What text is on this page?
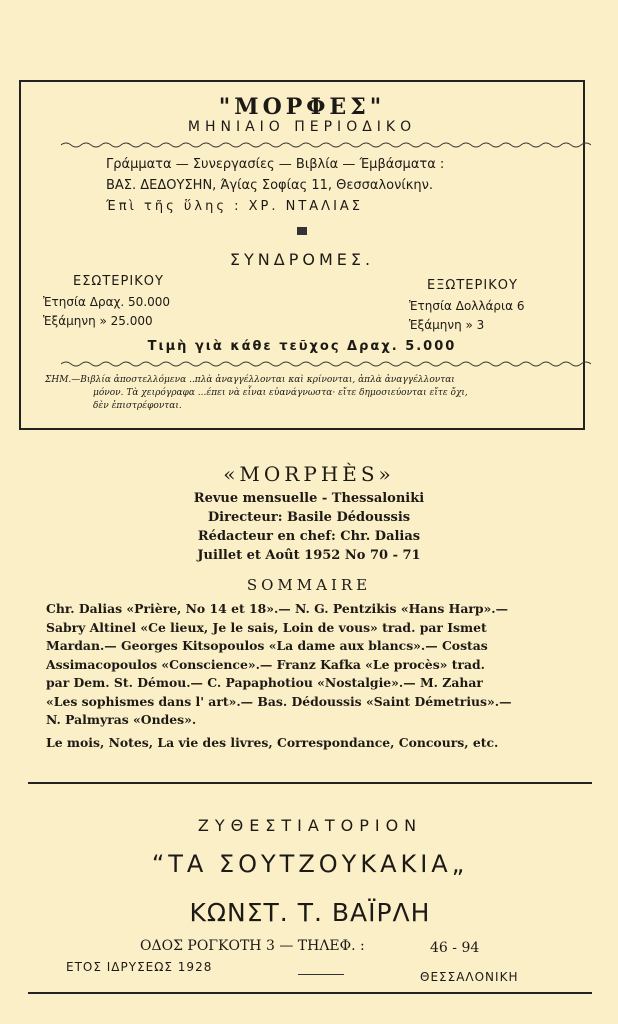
"ΜΟΡΦΕΣ"
ΜΗΝΙΑΙΟ ΠΕΡΙΟΔΙΚΟ
Γράμματα — Συνεργασίες — Βιβλία — Έμβάσματα :
ΒΑΣ. ΔΕΔΟΥΣΗΝ, Άγίας Σοφίας 11, Θεσσαλονίκην.
Έπὶ τῆς ὕλης : ΧΡ. ΝΤΑΛΙΑΣ
ΣΥΝΔΡΟΜΕΣ.
ΕΣΩΤΕΡΙΚΟΥ
Ἐτησία Δραχ. 50.000
Ἑξάμηνη » 25.000
ΕΞΩΤΕΡΙΚΟΥ
Ἐτησία Δολλάρια 6
Ἑξάμηνη » 3
Τιμὴ γιὰ κάθε τεῦχος Δραχ. 5.000
ΣΗΜ.—Βιβλία ἀποστελλόμενα ..πλὰ ἀναγγέλλονται καὶ κρίνονται, ἁπλὰ ἀναγγέλλονται
μόνον. Τὰ χειρόγραφα ...έπει νὰ εἶναι εὐανάγνωστα· εἴτε δημοσιεύονται εἴτε ὄχι,
δὲν ἐπιστρέφονται.
«MORPHÈS»
Revue mensuelle - Thessaloniki
Directeur: Basile Dédoussis
Rédacteur en chef: Chr. Dalias
Juillet et Août 1952 No 70 - 71
SOMMAIRE
Chr. Dalias «Prière, No 14 et 18».— N. G. Pentzikis «Hans Harp».—
Sabry Altinel «Ce lieux, Je le sais, Loin de vous» trad. par Ismet
Mardan.— Georges Kitsopoulos «La dame aux blancs».— Costas
Assimacopoulos «Conscience».— Franz Kafka «Le procès» trad.
par Dem. St. Démou.— C. Papaphotiou «Nostalgie».— M. Zahar
«Les sophismes dans l' art».— Bas. Dédoussis «Saint Démetrius».—
N. Palmyras «Ondes».
Le mois, Notes, La vie des livres, Correspondance, Concours, etc.
ΖΥΘΕΣΤΙΑΤΟΡΙΟΝ
“ΤΑ ΣΟΥΤΖΟΥΚΑΚΙΑ„
ΚΩΝΣΤ. Τ. ΒΑΪΡΛΗ
ΟΔΟΣ ΡΟΓΚΟΤΗ 3 — ΤΗΛΕΦ. :	46 - 94
ΕΤΟΣ ΙΔΡΥΣΕΩΣ 1928
ΘΕΣΣΑΛΟΝΙΚΗ
